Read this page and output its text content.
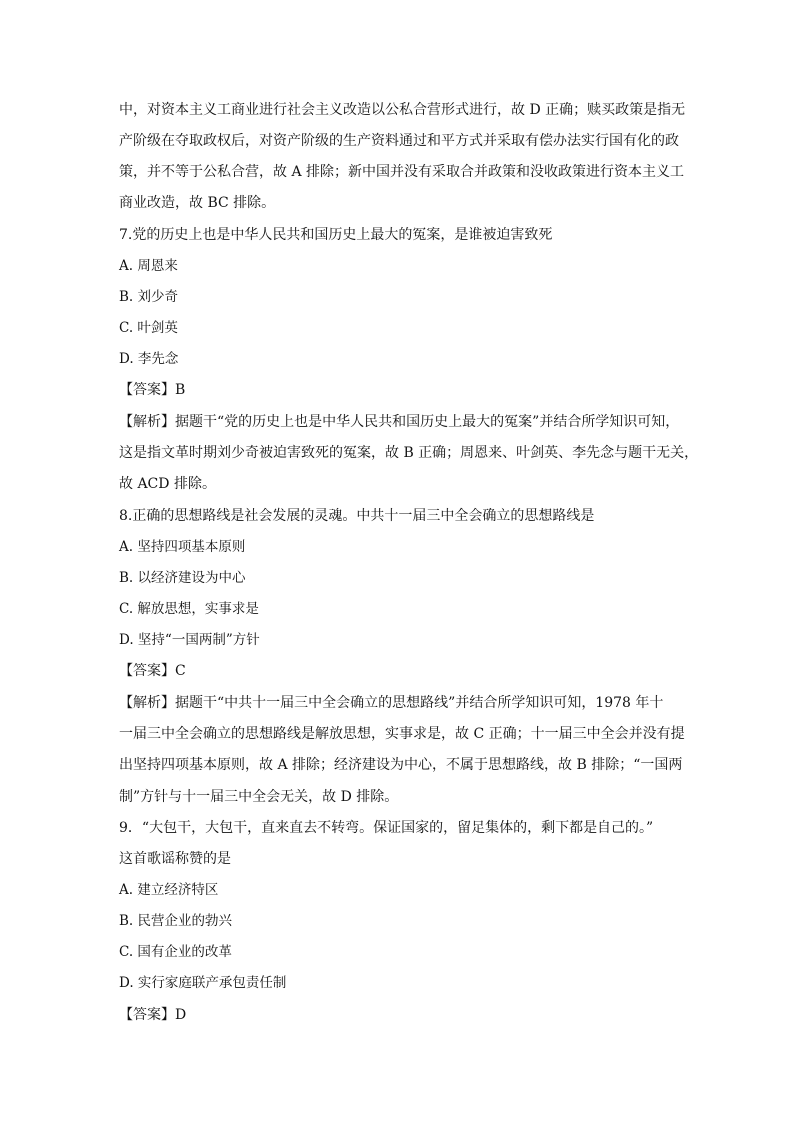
中，对资本主义工商业进行社会主义改造以公私合营形式进行，故 D 正确；赎买政策是指无
产阶级在夺取政权后，对资产阶级的生产资料通过和平方式并采取有偿办法实行国有化的政
策，并不等于公私合营，故 A 排除；新中国并没有采取合并政策和没收政策进行资本主义工
商业改造，故 BC 排除。
7.党的历史上也是中华人民共和国历史上最大的冤案，是谁被迫害致死
A. 周恩来
B. 刘少奇
C. 叶剑英
D. 李先念
【答案】B
【解析】据题干“党的历史上也是中华人民共和国历史上最大的冤案”并结合所学知识可知，
这是指文革时期刘少奇被迫害致死的冤案，故 B 正确；周恩来、叶剑英、李先念与题干无关，
故 ACD 排除。
8.正确的思想路线是社会发展的灵魂。中共十一届三中全会确立的思想路线是
A. 坚持四项基本原则
B. 以经济建设为中心
C. 解放思想，实事求是
D. 坚持“一国两制”方针
【答案】C
【解析】据题干“中共十一届三中全会确立的思想路线”并结合所学知识可知，1978 年十
一届三中全会确立的思想路线是解放思想，实事求是，故 C 正确；十一届三中全会并没有提
出坚持四项基本原则，故 A 排除；经济建设为中心，不属于思想路线，故 B 排除；“一国两
制”方针与十一届三中全会无关，故 D 排除。
9．“大包干，大包干，直来直去不转弯。保证国家的，留足集体的，剩下都是自己的。”
这首歌谣称赞的是
A. 建立经济特区
B. 民营企业的勃兴
C. 国有企业的改革
D. 实行家庭联产承包责任制
【答案】D
